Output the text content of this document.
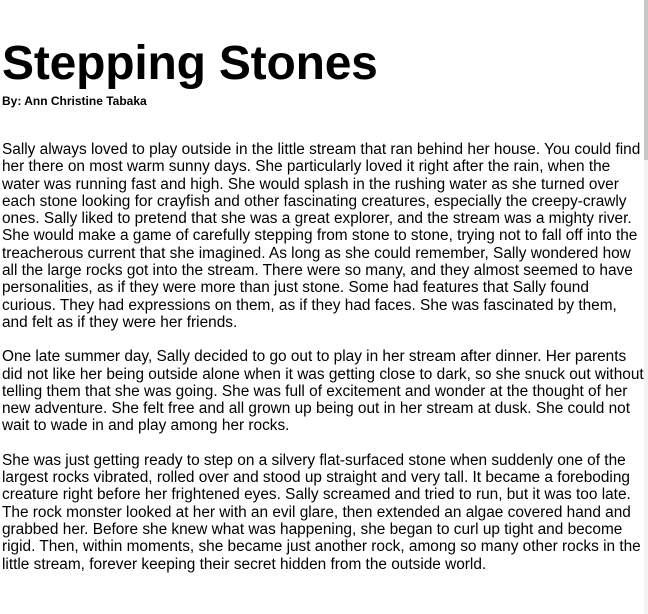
Stepping Stones

By: Ann Christine Tabaka

Sally always loved to play outside in the little stream that ran behind her house. You could find her there on most warm sunny days. She particularly loved it right after the rain, when the water was running fast and high. She would splash in the rushing water as she turned over each stone looking for crayfish and other fascinating creatures, especially the creepy-crawly ones. Sally liked to pretend that she was a great explorer, and the stream was a mighty river. She would make a game of carefully stepping from stone to stone, trying not to fall off into the treacherous current that she imagined. As long as she could remember, Sally wondered how all the large rocks got into the stream. There were so many, and they almost seemed to have personalities, as if they were more than just stone. Some had features that Sally found curious. They had expressions on them, as if they had faces. She was fascinated by them, and felt as if they were her friends.

One late summer day, Sally decided to go out to play in her stream after dinner. Her parents did not like her being outside alone when it was getting close to dark, so she snuck out without telling them that she was going. She was full of excitement and wonder at the thought of her new adventure. She felt free and all grown up being out in her stream at dusk. She could not wait to wade in and play among her rocks.

She was just getting ready to step on a silvery flat-surfaced stone when suddenly one of the largest rocks vibrated, rolled over and stood up straight and very tall. It became a foreboding creature right before her frightened eyes. Sally screamed and tried to run, but it was too late. The rock monster looked at her with an evil glare, then extended an algae covered hand and grabbed her. Before she knew what was happening, she began to curl up tight and become rigid. Then, within moments, she became just another rock, among so many other rocks in the little stream, forever keeping their secret hidden from the outside world.
